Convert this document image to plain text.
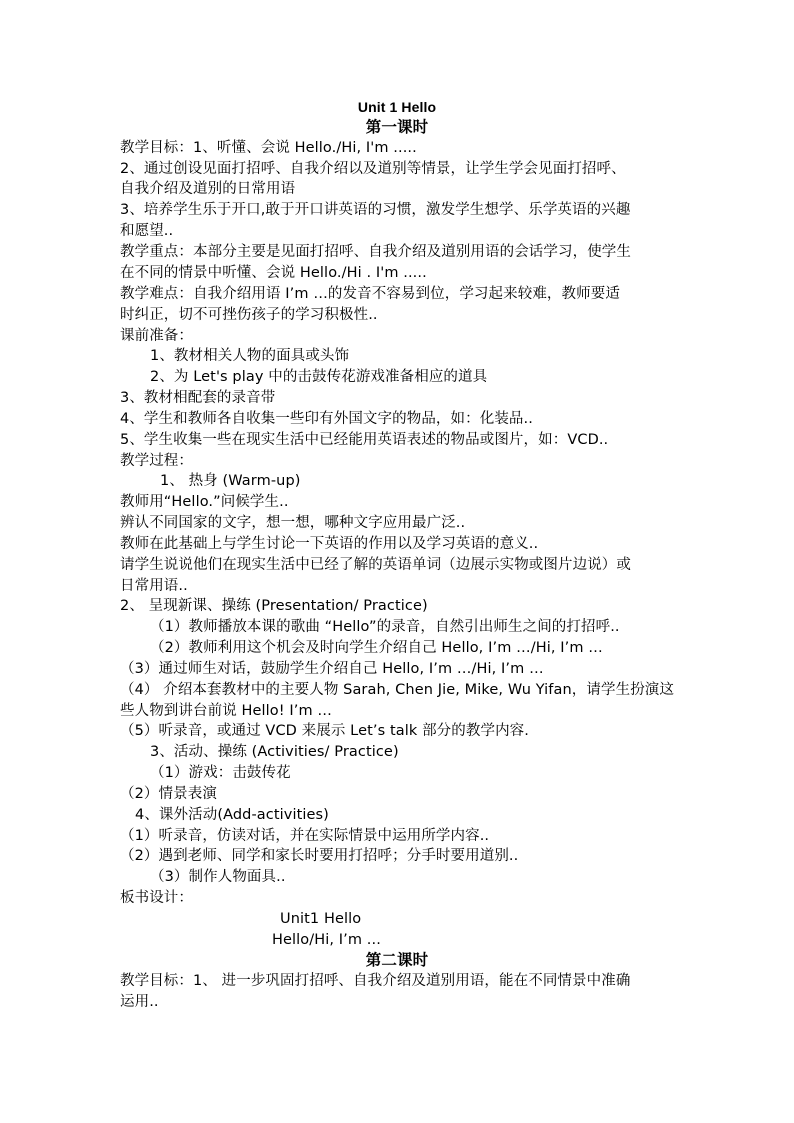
Unit 1 Hello
第一课时
教学目标：1、听懂、会说 Hello./Hi, I'm .....
2、通过创设见面打招呼、自我介绍以及道别等情景，让学生学会见面打招呼、
自我介绍及道别的日常用语
3、培养学生乐于开口,敢于开口讲英语的习惯，激发学生想学、乐学英语的兴趣
和愿望..
教学重点：本部分主要是见面打招呼、自我介绍及道别用语的会话学习，使学生
在不同的情景中听懂、会说 Hello./Hi . I'm .....
教学难点：自我介绍用语 I’m …的发音不容易到位，学习起来较难，教师要适
时纠正，切不可挫伤孩子的学习积极性..
课前准备：
1、教材相关人物的面具或头饰
2、为 Let's play 中的击鼓传花游戏准备相应的道具
3、教材相配套的录音带
4、学生和教师各自收集一些印有外国文字的物品，如：化装品..
5、学生收集一些在现实生活中已经能用英语表述的物品或图片，如：VCD..
教学过程：
1、 热身 (Warm-up)
教师用“Hello.”问候学生..
辨认不同国家的文字，想一想，哪种文字应用最广泛..
教师在此基础上与学生讨论一下英语的作用以及学习英语的意义..
请学生说说他们在现实生活中已经了解的英语单词（边展示实物或图片边说）或
日常用语..
2、 呈现新课、操练 (Presentation/ Practice)
（1）教师播放本课的歌曲 “Hello”的录音，自然引出师生之间的打招呼..
（2）教师利用这个机会及时向学生介绍自己 Hello, I’m …/Hi, I’m …
（3）通过师生对话，鼓励学生介绍自己 Hello, I’m …/Hi, I’m …
（4） 介绍本套教材中的主要人物 Sarah, Chen Jie, Mike, Wu Yifan，请学生扮演这
些人物到讲台前说 Hello! I’m …
（5）听录音，或通过 VCD 来展示 Let’s talk 部分的教学内容.
3、活动、操练 (Activities/ Practice)
（1）游戏：击鼓传花
（2）情景表演
4、课外活动(Add-activities)
（1）听录音，仿读对话，并在实际情景中运用所学内容..
（2）遇到老师、同学和家长时要用打招呼；分手时要用道别..
（3）制作人物面具..
板书设计：
Unit1 Hello
Hello/Hi, I’m ...
第二课时
教学目标：1、 进一步巩固打招呼、自我介绍及道别用语，能在不同情景中准确
运用..
